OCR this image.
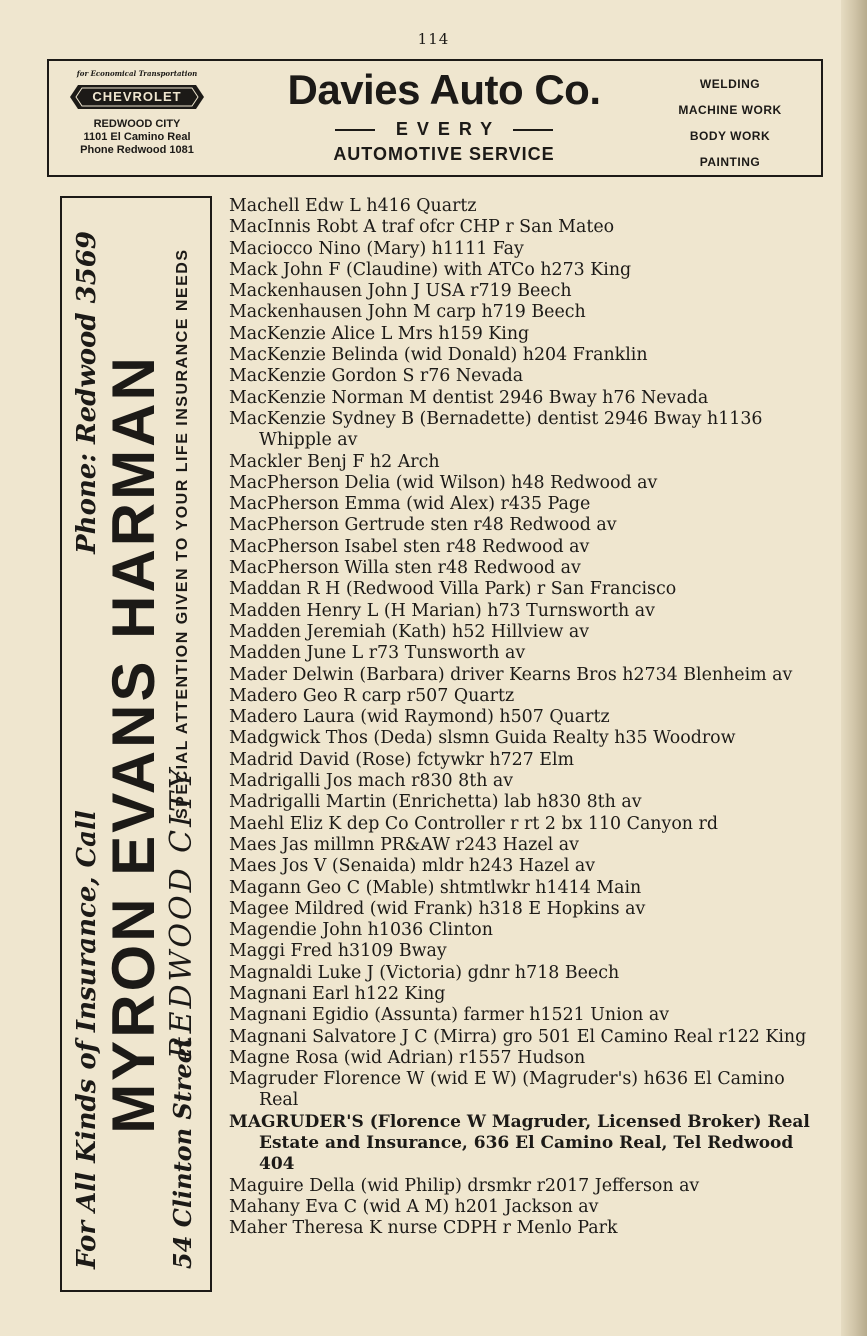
114
for Economical Transportation
CHEVROLET
REDWOOD CITY
1101 El Camino Real
Phone Redwood 1081
Davies Auto Co.
EVERY
AUTOMOTIVE SERVICE
WELDING
MACHINE WORK
BODY WORK
PAINTING
For All Kinds of Insurance, Call
Phone: Redwood 3569
MYRON EVANS HARMAN
54 Clinton Street
REDWOOD CITY
SPECIAL ATTENTION GIVEN TO YOUR LIFE INSURANCE NEEDS
Machell Edw L h416 Quartz
MacInnis Robt A traf ofcr CHP r San Mateo
Maciocco Nino (Mary) h1111 Fay
Mack John F (Claudine) with ATCo h273 King
Mackenhausen John J USA r719 Beech
Mackenhausen John M carp h719 Beech
MacKenzie Alice L Mrs h159 King
MacKenzie Belinda (wid Donald) h204 Franklin
MacKenzie Gordon S r76 Nevada
MacKenzie Norman M dentist 2946 Bway h76 Nevada
MacKenzie Sydney B (Bernadette) dentist 2946 Bway h1136 Whipple av
Mackler Benj F h2 Arch
MacPherson Delia (wid Wilson) h48 Redwood av
MacPherson Emma (wid Alex) r435 Page
MacPherson Gertrude sten r48 Redwood av
MacPherson Isabel sten r48 Redwood av
MacPherson Willa sten r48 Redwood av
Maddan R H (Redwood Villa Park) r San Francisco
Madden Henry L (H Marian) h73 Turnsworth av
Madden Jeremiah (Kath) h52 Hillview av
Madden June L r73 Tunsworth av
Mader Delwin (Barbara) driver Kearns Bros h2734 Blenheim av
Madero Geo R carp r507 Quartz
Madero Laura (wid Raymond) h507 Quartz
Madgwick Thos (Deda) slsmn Guida Realty h35 Woodrow
Madrid David (Rose) fctywkr h727 Elm
Madrigalli Jos mach r830 8th av
Madrigalli Martin (Enrichetta) lab h830 8th av
Maehl Eliz K dep Co Controller r rt 2 bx 110 Canyon rd
Maes Jas millmn PR&AW r243 Hazel av
Maes Jos V (Senaida) mldr h243 Hazel av
Magann Geo C (Mable) shtmtlwkr h1414 Main
Magee Mildred (wid Frank) h318 E Hopkins av
Magendie John h1036 Clinton
Maggi Fred h3109 Bway
Magnaldi Luke J (Victoria) gdnr h718 Beech
Magnani Earl h122 King
Magnani Egidio (Assunta) farmer h1521 Union av
Magnani Salvatore J C (Mirra) gro 501 El Camino Real r122 King
Magne Rosa (wid Adrian) r1557 Hudson
Magruder Florence W (wid E W) (Magruder's) h636 El Camino Real
MAGRUDER'S (Florence W Magruder, Licensed Broker) Real Estate and Insurance, 636 El Camino Real, Tel Redwood 404
Maguire Della (wid Philip) drsmkr r2017 Jefferson av
Mahany Eva C (wid A M) h201 Jackson av
Maher Theresa K nurse CDPH r Menlo Park
